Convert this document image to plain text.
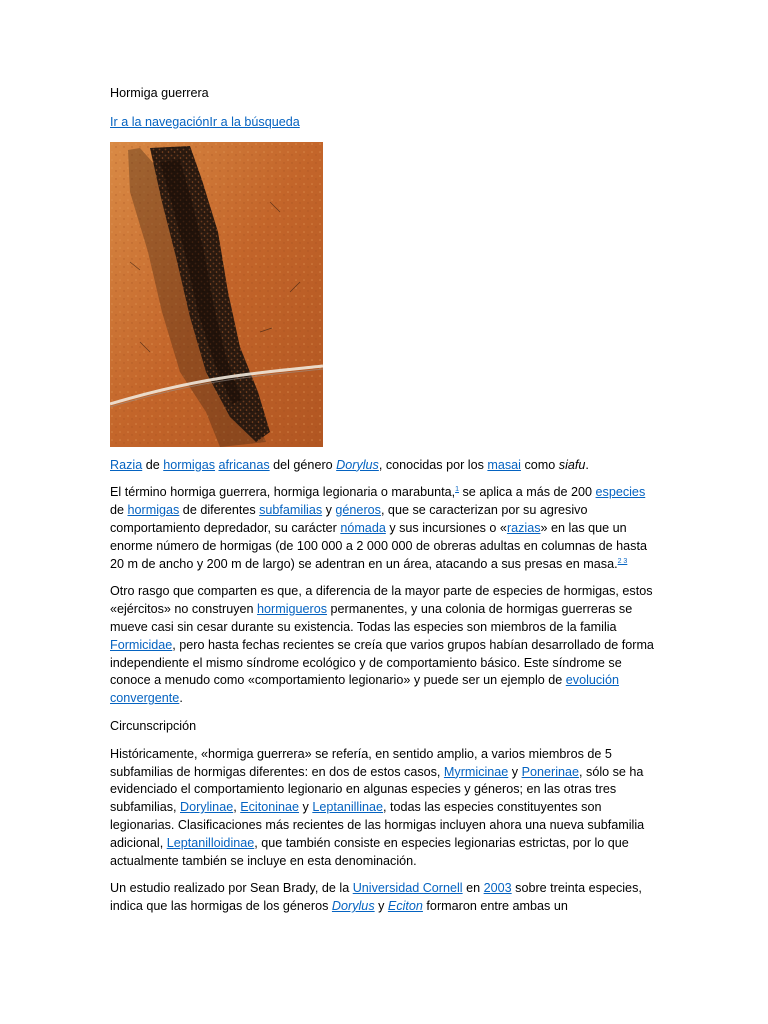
Hormiga guerrera
Ir a la navegaciónIr a la búsqueda

Razia de hormigas africanas del género Dorylus, conocidas por los masai como siafu.

El término hormiga guerrera, hormiga legionaria o marabunta,$^1$ se aplica a más de 200 especies de hormigas de diferentes subfamilias y géneros, que se caracterizan por su agresivo comportamiento depredador, su carácter nómada y sus incursiones o «razias» en las que un enorme número de hormigas (de 100 000 a 2 000 000 de obreras adultas en columnas de hasta 20 m de ancho y 200 m de largo) se adentran en un área, atacando a sus presas en masa.$^{2 3}$

Otro rasgo que comparten es que, a diferencia de la mayor parte de especies de hormigas, estos «ejércitos» no construyen hormigueros permanentes, y una colonia de hormigas guerreras se mueve casi sin cesar durante su existencia. Todas las especies son miembros de la familia Formicidae, pero hasta fechas recientes se creía que varios grupos habían desarrollado de forma independiente el mismo síndrome ecológico y de comportamiento básico. Este síndrome se conoce a menudo como «comportamiento legionario» y puede ser un ejemplo de evolución convergente.

Circunscripción

Históricamente, «hormiga guerrera» se refería, en sentido amplio, a varios miembros de 5 subfamilias de hormigas diferentes: en dos de estos casos, Myrmicinae y Ponerinae, sólo se ha evidenciado el comportamiento legionario en algunas especies y géneros; en las otras tres subfamilias, Dorylinae, Ecitoninae y Leptanillinae, todas las especies constituyentes son legionarias. Clasificaciones más recientes de las hormigas incluyen ahora una nueva subfamilia adicional, Leptanilloidinae, que también consiste en especies legionarias estrictas, por lo que actualmente también se incluye en esta denominación.

Un estudio realizado por Sean Brady, de la Universidad Cornell en 2003 sobre treinta especies, indica que las hormigas de los géneros Dorylus y Eciton formaron entre ambas un
